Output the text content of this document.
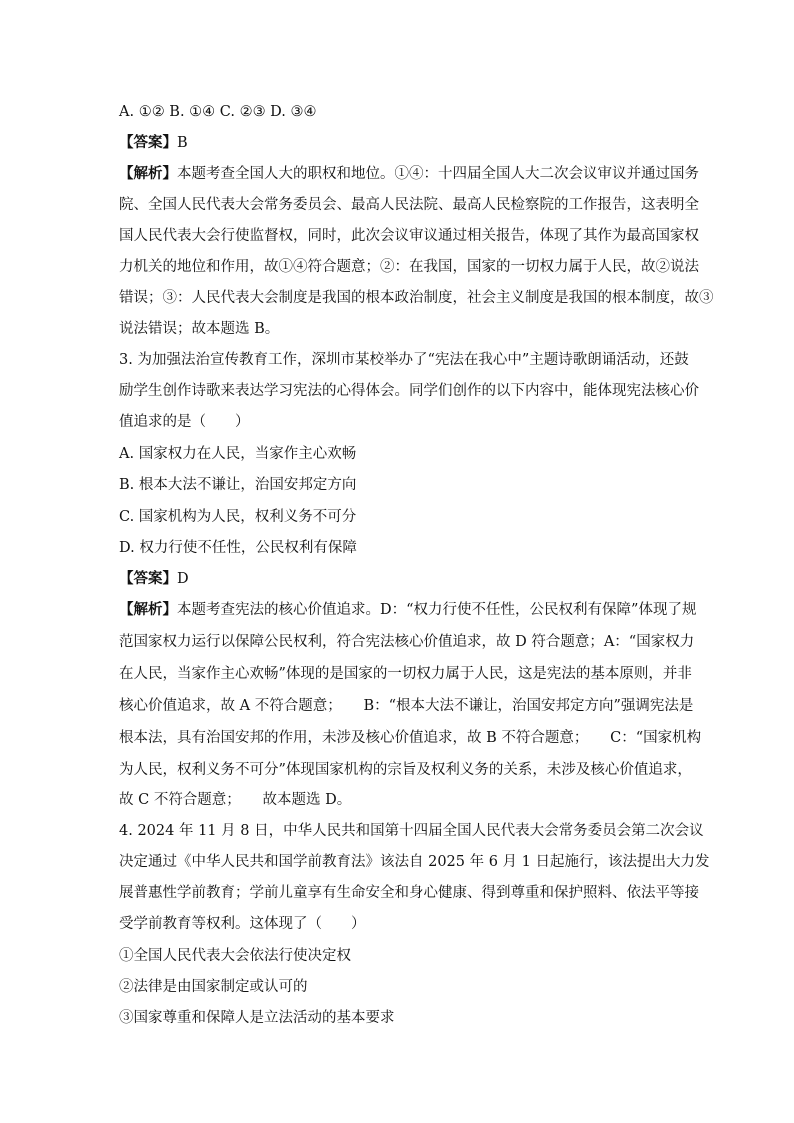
A. ①② B. ①④ C. ②③ D. ③④
【答案】B
【解析】本题考查全国人大的职权和地位。①④：十四届全国人大二次会议审议并通过国务
院、全国人民代表大会常务委员会、最高人民法院、最高人民检察院的工作报告，这表明全
国人民代表大会行使监督权，同时，此次会议审议通过相关报告，体现了其作为最高国家权
力机关的地位和作用，故①④符合题意；②：在我国，国家的一切权力属于人民，故②说法
错误；③：人民代表大会制度是我国的根本政治制度，社会主义制度是我国的根本制度，故③
说法错误；故本题选 B。
3. 为加强法治宣传教育工作，深圳市某校举办了“宪法在我心中”主题诗歌朗诵活动，还鼓
励学生创作诗歌来表达学习宪法的心得体会。同学们创作的以下内容中，能体现宪法核心价
值追求的是（　　）
A. 国家权力在人民，当家作主心欢畅
B. 根本大法不谦让，治国安邦定方向
C. 国家机构为人民，权利义务不可分
D. 权力行使不任性，公民权利有保障
【答案】D
【解析】本题考查宪法的核心价值追求。D：“权力行使不任性，公民权利有保障”体现了规
范国家权力运行以保障公民权利，符合宪法核心价值追求，故 D 符合题意；A：“国家权力
在人民，当家作主心欢畅”体现的是国家的一切权力属于人民，这是宪法的基本原则，并非
核心价值追求，故 A 不符合题意；　　B：“根本大法不谦让，治国安邦定方向”强调宪法是
根本法，具有治国安邦的作用，未涉及核心价值追求，故 B 不符合题意；　　C：“国家机构
为人民，权利义务不可分”体现国家机构的宗旨及权利义务的关系，未涉及核心价值追求，
故 C 不符合题意；　　故本题选 D。
4. 2024 年 11 月 8 日，中华人民共和国第十四届全国人民代表大会常务委员会第二次会议
决定通过《中华人民共和国学前教育法》该法自 2025 年 6 月 1 日起施行，该法提出大力发
展普惠性学前教育；学前儿童享有生命安全和身心健康、得到尊重和保护照料、依法平等接
受学前教育等权利。这体现了（　　）
①全国人民代表大会依法行使决定权
②法律是由国家制定或认可的
③国家尊重和保障人是立法活动的基本要求
